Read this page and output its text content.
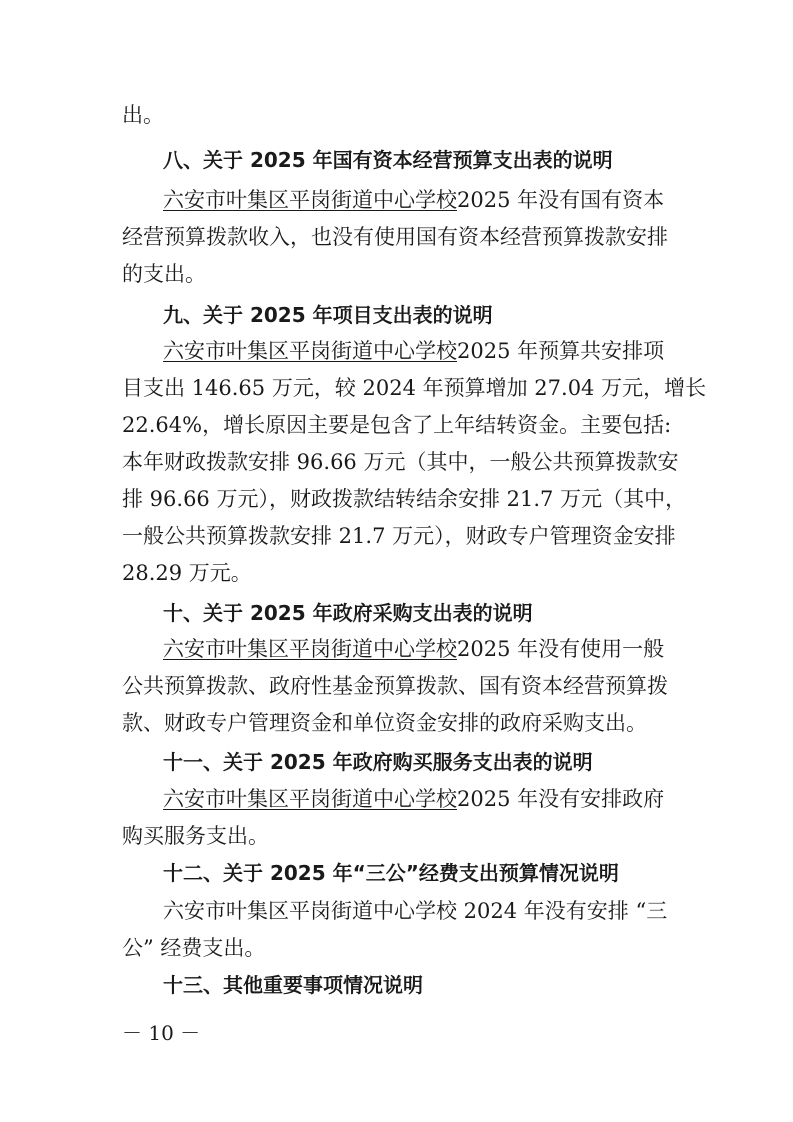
出。
八、关于 2025 年国有资本经营预算支出表的说明
六安市叶集区平岗街道中心学校2025 年没有国有资本
经营预算拨款收入，也没有使用国有资本经营预算拨款安排
的支出。
九、关于 2025 年项目支出表的说明
六安市叶集区平岗街道中心学校2025 年预算共安排项
目支出 146.65 万元，较 2024 年预算增加 27.04 万元，增长
22.64%，增长原因主要是包含了上年结转资金。主要包括:
本年财政拨款安排 96.66 万元（其中，一般公共预算拨款安
排 96.66 万元），财政拨款结转结余安排 21.7 万元（其中，
一般公共预算拨款安排 21.7 万元），财政专户管理资金安排
28.29 万元。
十、关于 2025 年政府采购支出表的说明
六安市叶集区平岗街道中心学校2025 年没有使用一般
公共预算拨款、政府性基金预算拨款、国有资本经营预算拨
款、财政专户管理资金和单位资金安排的政府采购支出。
十一、关于 2025 年政府购买服务支出表的说明
六安市叶集区平岗街道中心学校2025 年没有安排政府
购买服务支出。
十二、关于 2025 年“三公”经费支出预算情况说明
六安市叶集区平岗街道中心学校 2024 年没有安排 “三
公” 经费支出。
十三、其他重要事项情况说明
－ 10 －
